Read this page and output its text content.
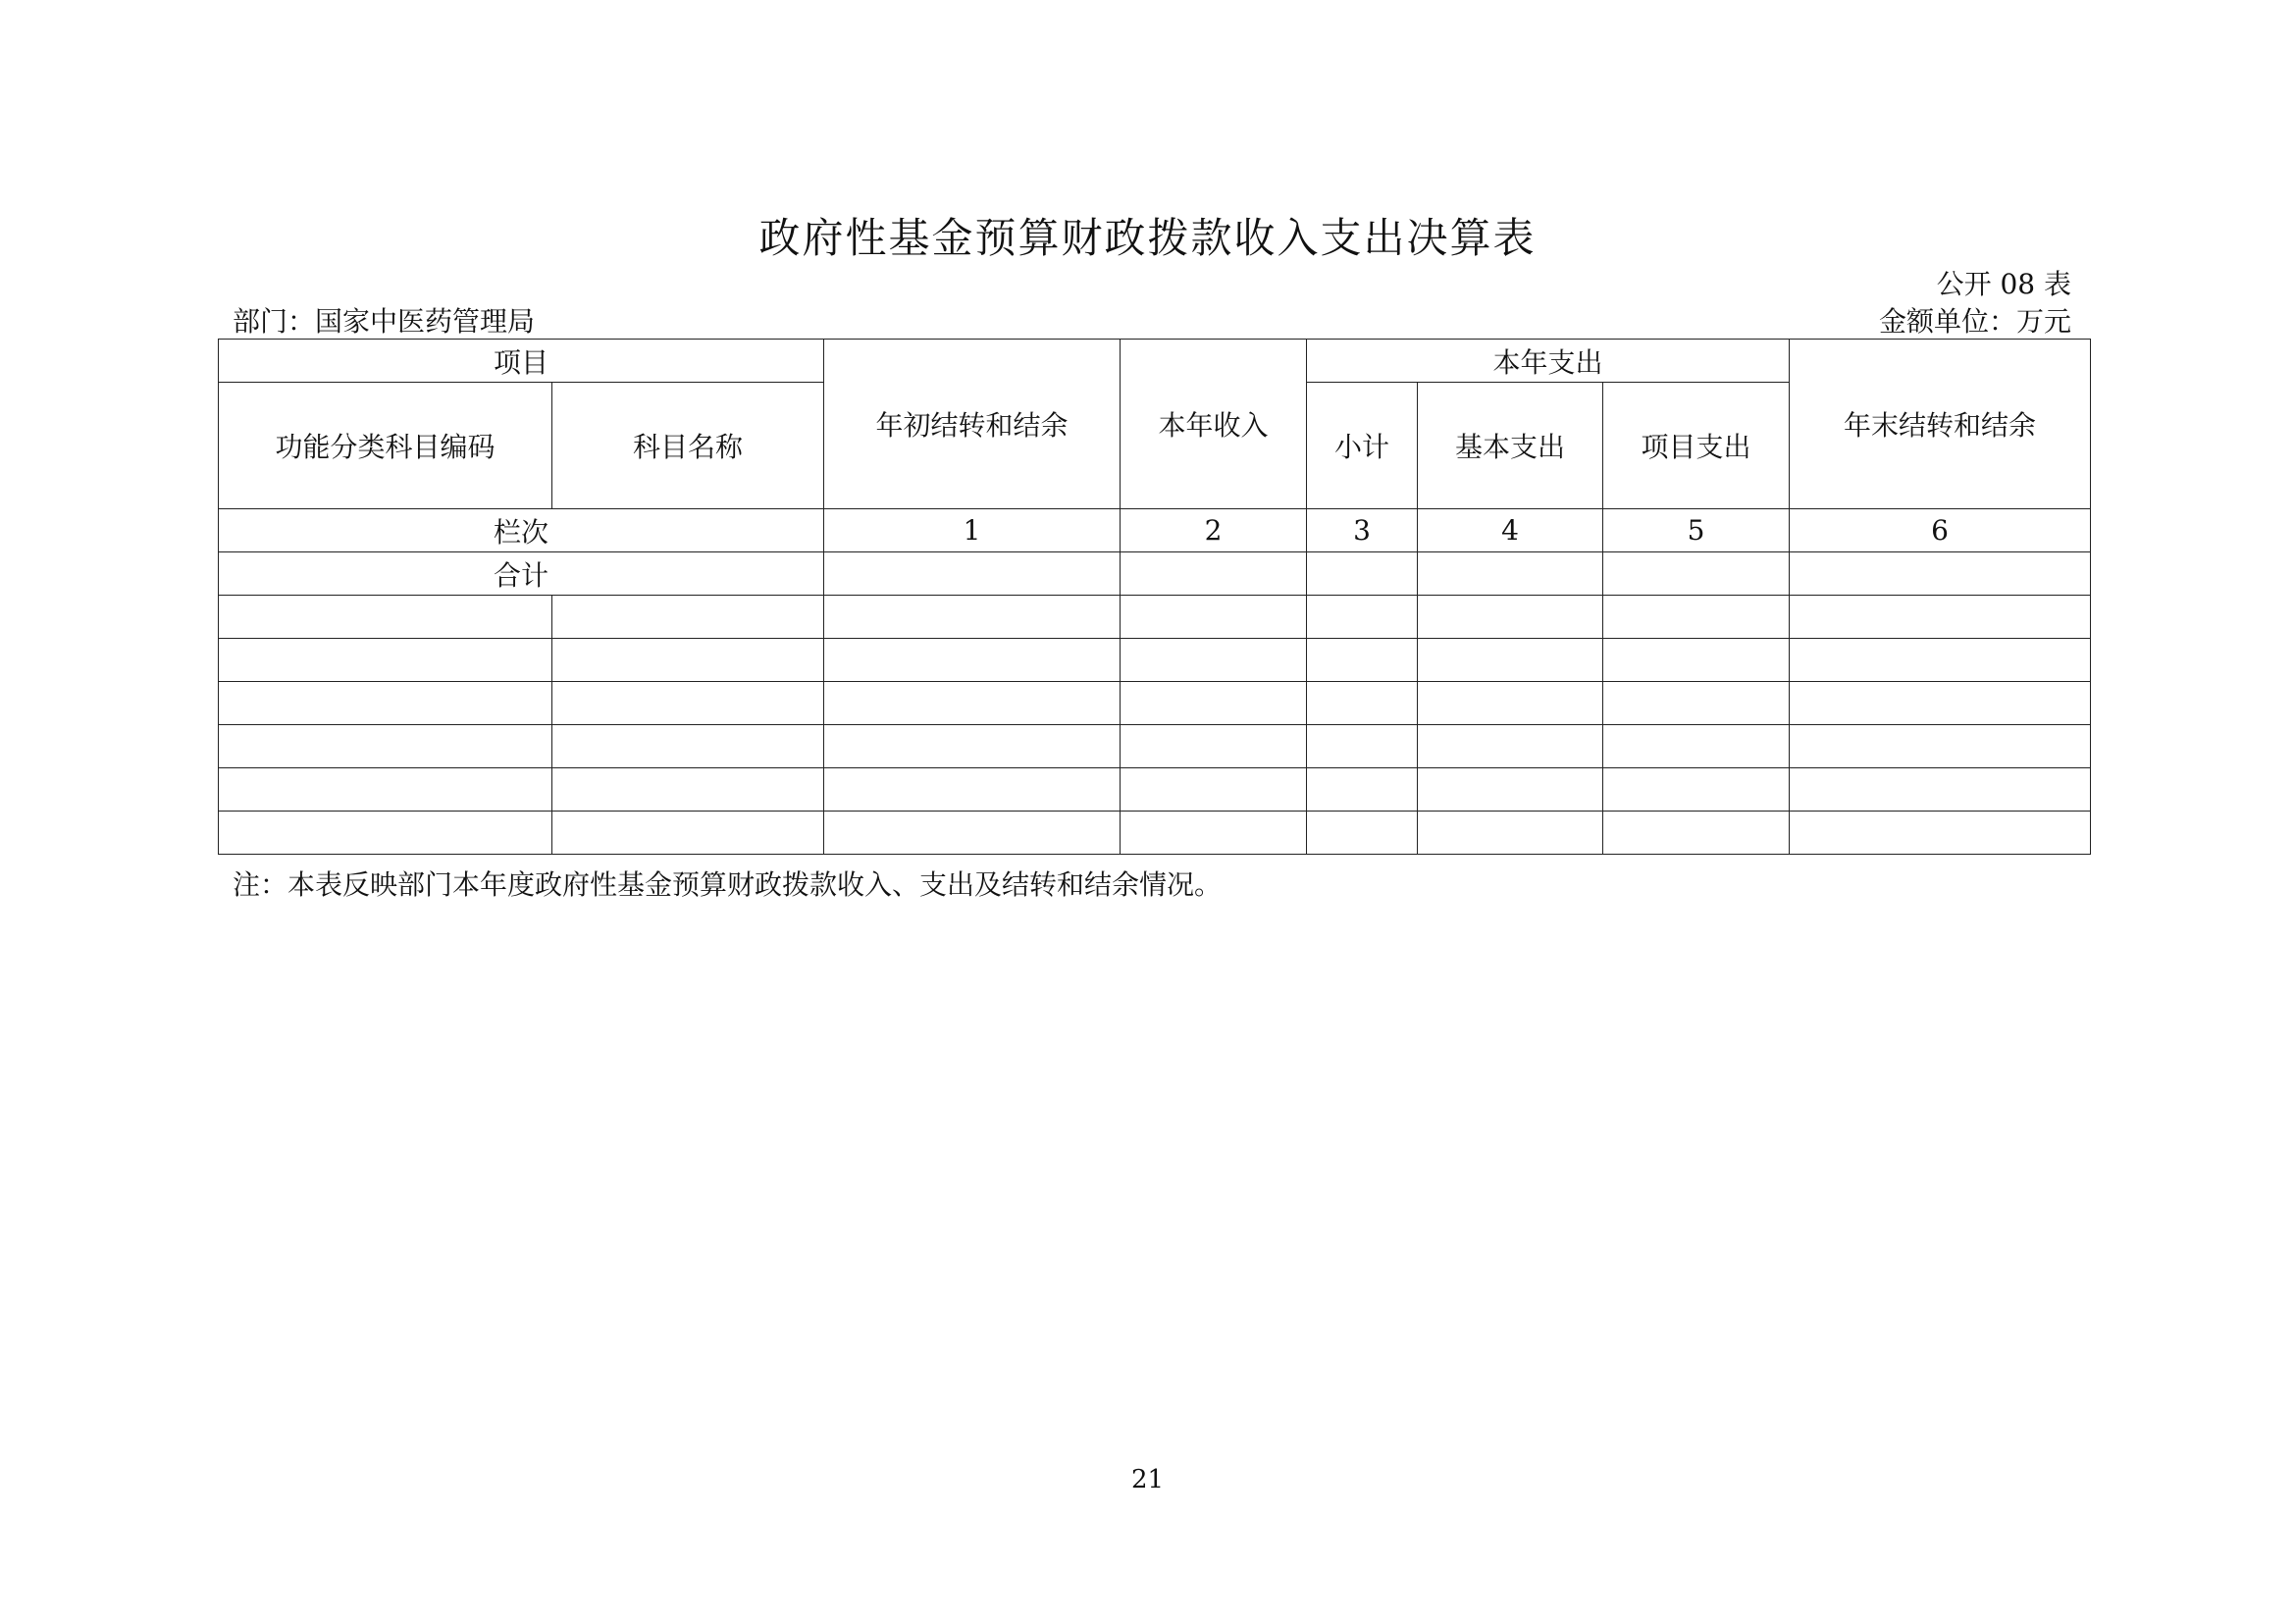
政府性基金预算财政拨款收入支出决算表
公开 08 表
部门：国家中医药管理局	金额单位：万元
项目		年初结转和结余	本年收入	本年支出			年末结转和结余
功能分类科目编码	科目名称			小计	基本支出	项目支出	
栏次		1	2	3	4	5	6
合计							

注：本表反映部门本年度政府性基金预算财政拨款收入、支出及结转和结余情况。
21
